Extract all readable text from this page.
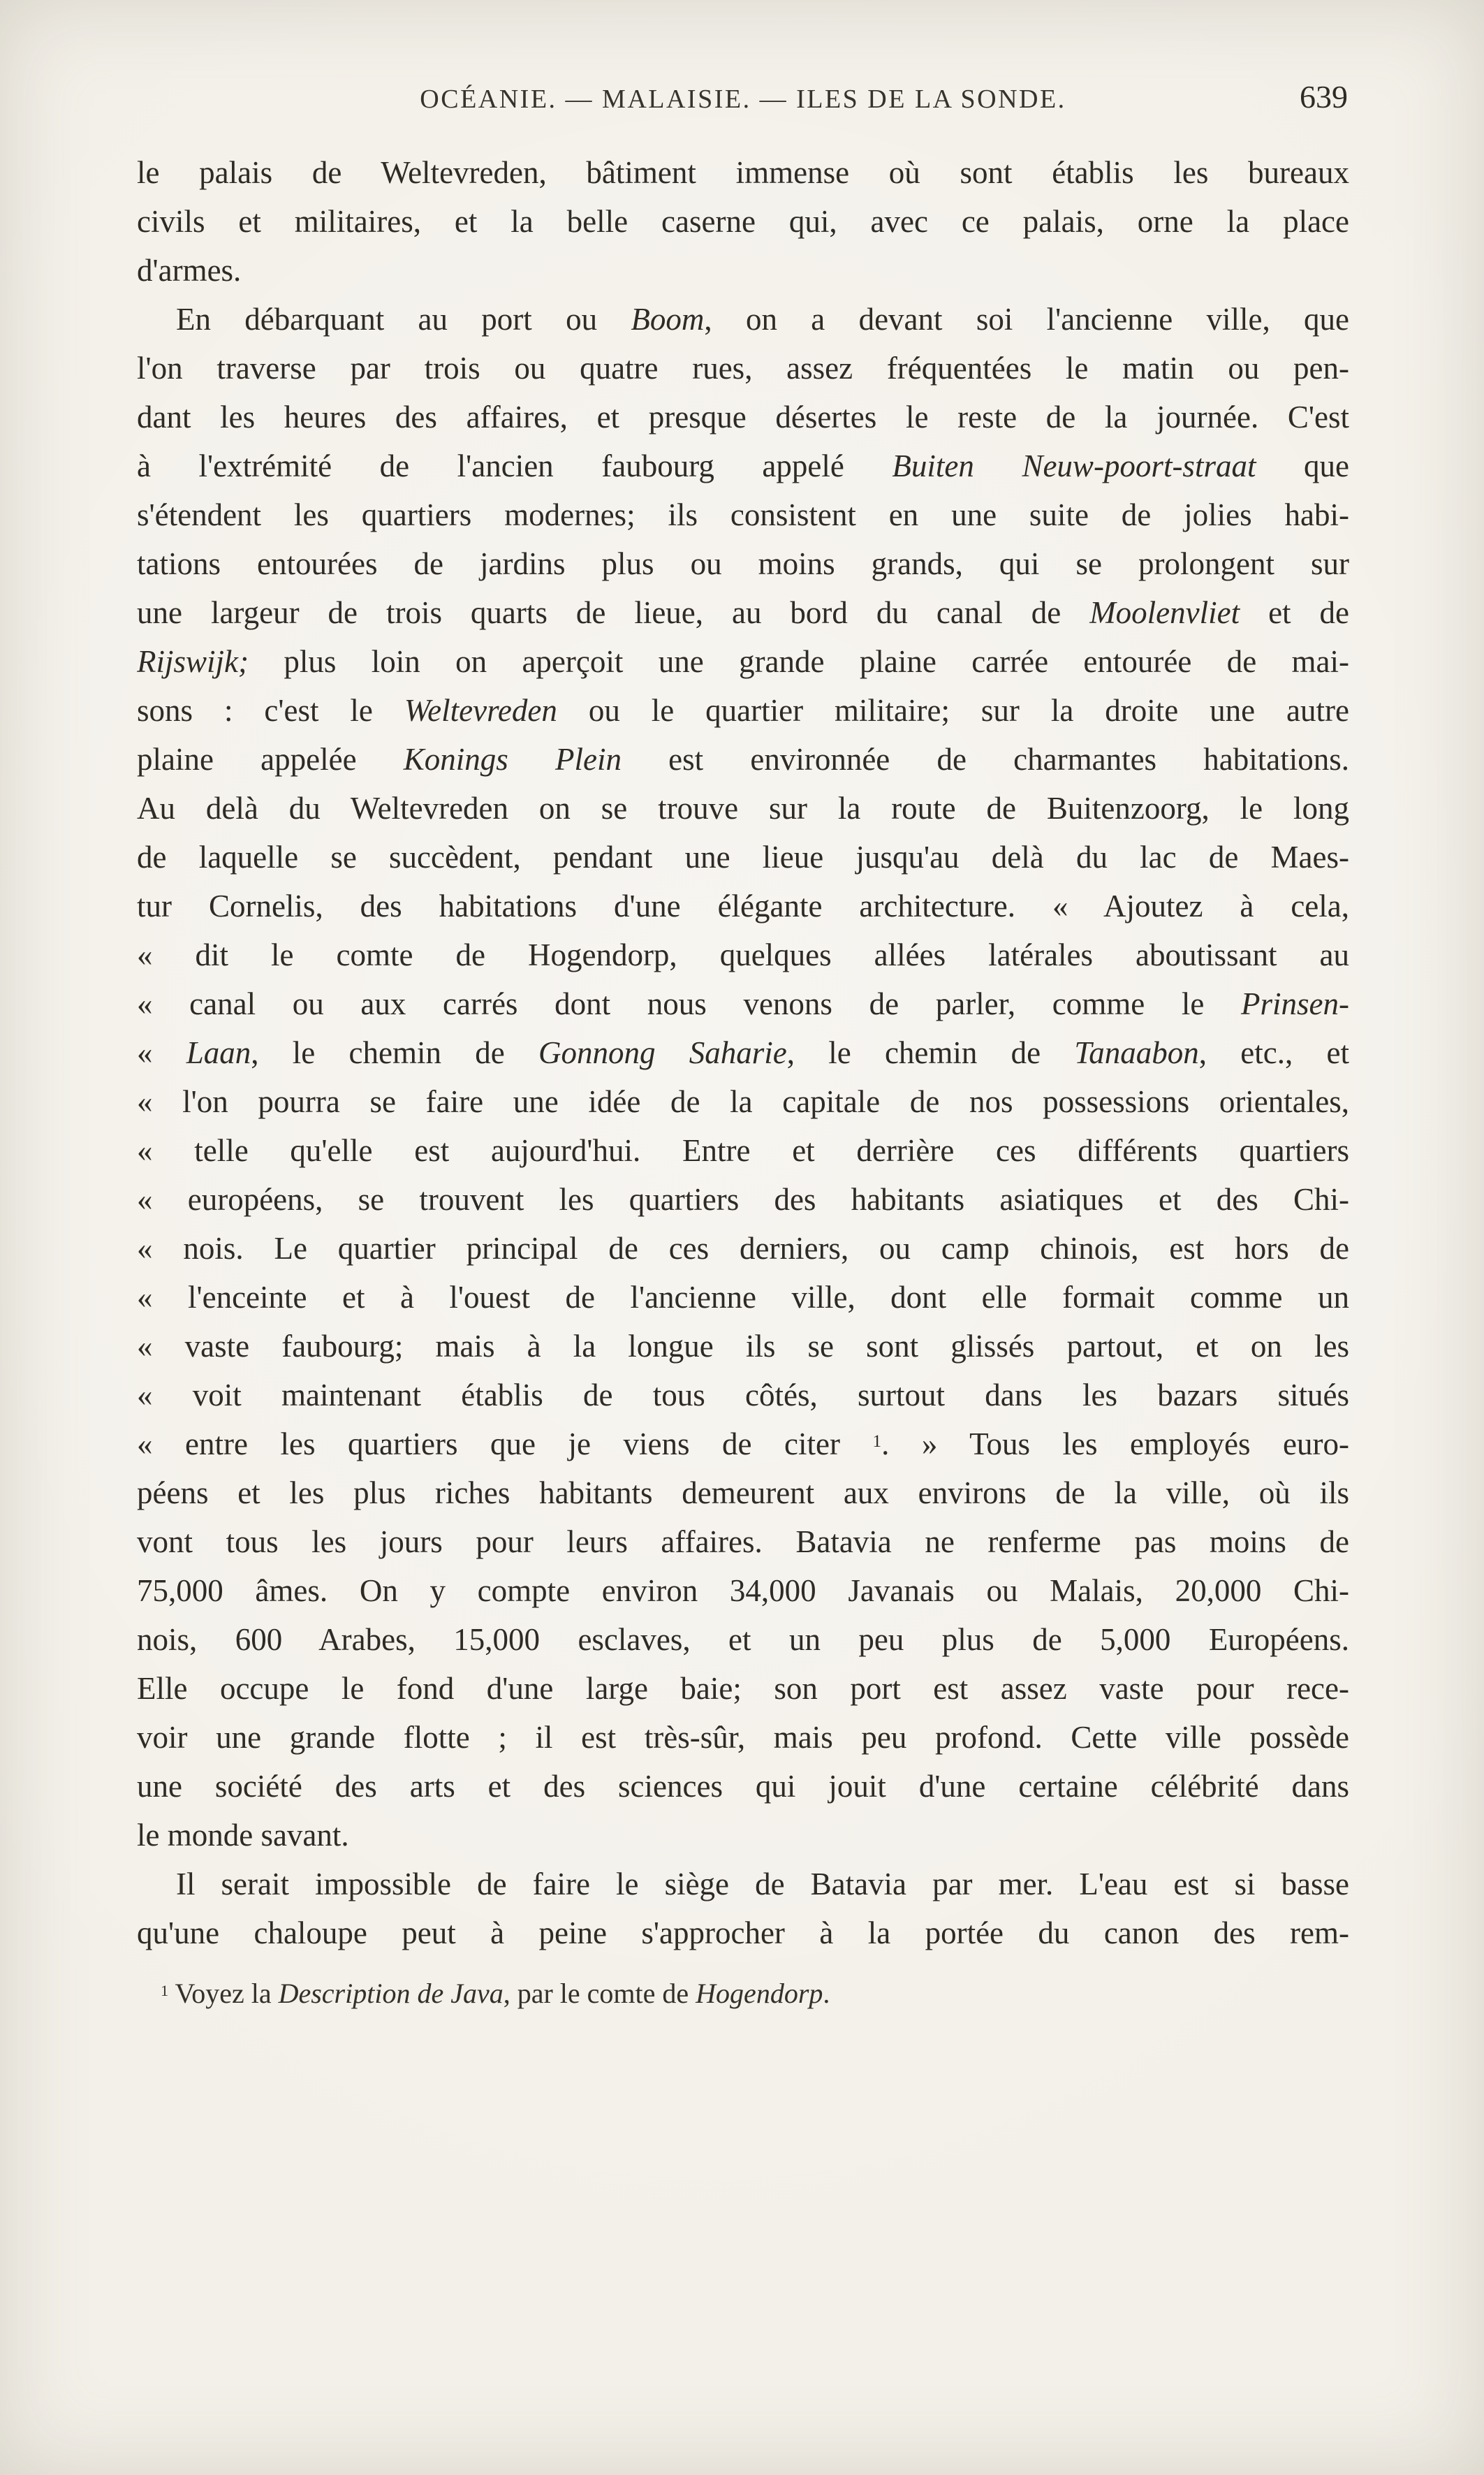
OCÉANIE. — MALAISIE. — ILES DE LA SONDE.	639
le palais de Weltevreden, bâtiment immense où sont établis les bureaux
civils et militaires, et la belle caserne qui, avec ce palais, orne la place
d'armes.
En débarquant au port ou Boom, on a devant soi l'ancienne ville, que
l'on traverse par trois ou quatre rues, assez fréquentées le matin ou pen-
dant les heures des affaires, et presque désertes le reste de la journée. C'est
à l'extrémité de l'ancien faubourg appelé Buiten Neuw-poort-straat que
s'étendent les quartiers modernes; ils consistent en une suite de jolies habi-
tations entourées de jardins plus ou moins grands, qui se prolongent sur
une largeur de trois quarts de lieue, au bord du canal de Moolenvliet et de
Rijswijk; plus loin on aperçoit une grande plaine carrée entourée de mai-
sons : c'est le Weltevreden ou le quartier militaire; sur la droite une autre
plaine appelée Konings Plein est environnée de charmantes habitations.
Au delà du Weltevreden on se trouve sur la route de Buitenzoorg, le long
de laquelle se succèdent, pendant une lieue jusqu'au delà du lac de Maes-
tur Cornelis, des habitations d'une élégante architecture. « Ajoutez à cela,
« dit le comte de Hogendorp, quelques allées latérales aboutissant au
« canal ou aux carrés dont nous venons de parler, comme le Prinsen-
« Laan, le chemin de Gonnong Saharie, le chemin de Tanaabon, etc., et
« l'on pourra se faire une idée de la capitale de nos possessions orientales,
« telle qu'elle est aujourd'hui. Entre et derrière ces différents quartiers
« européens, se trouvent les quartiers des habitants asiatiques et des Chi-
« nois. Le quartier principal de ces derniers, ou camp chinois, est hors de
« l'enceinte et à l'ouest de l'ancienne ville, dont elle formait comme un
« vaste faubourg; mais à la longue ils se sont glissés partout, et on les
« voit maintenant établis de tous côtés, surtout dans les bazars situés
« entre les quartiers que je viens de citer $^1$. » Tous les employés euro-
péens et les plus riches habitants demeurent aux environs de la ville, où ils
vont tous les jours pour leurs affaires. Batavia ne renferme pas moins de
75,000 âmes. On y compte environ 34,000 Javanais ou Malais, 20,000 Chi-
nois, 600 Arabes, 15,000 esclaves, et un peu plus de 5,000 Européens.
Elle occupe le fond d'une large baie; son port est assez vaste pour rece-
voir une grande flotte ; il est très-sûr, mais peu profond. Cette ville possède
une société des arts et des sciences qui jouit d'une certaine célébrité dans
le monde savant.
Il serait impossible de faire le siège de Batavia par mer. L'eau est si basse
qu'une chaloupe peut à peine s'approcher à la portée du canon des rem-
$^1$ Voyez la Description de Java, par le comte de Hogendorp.
